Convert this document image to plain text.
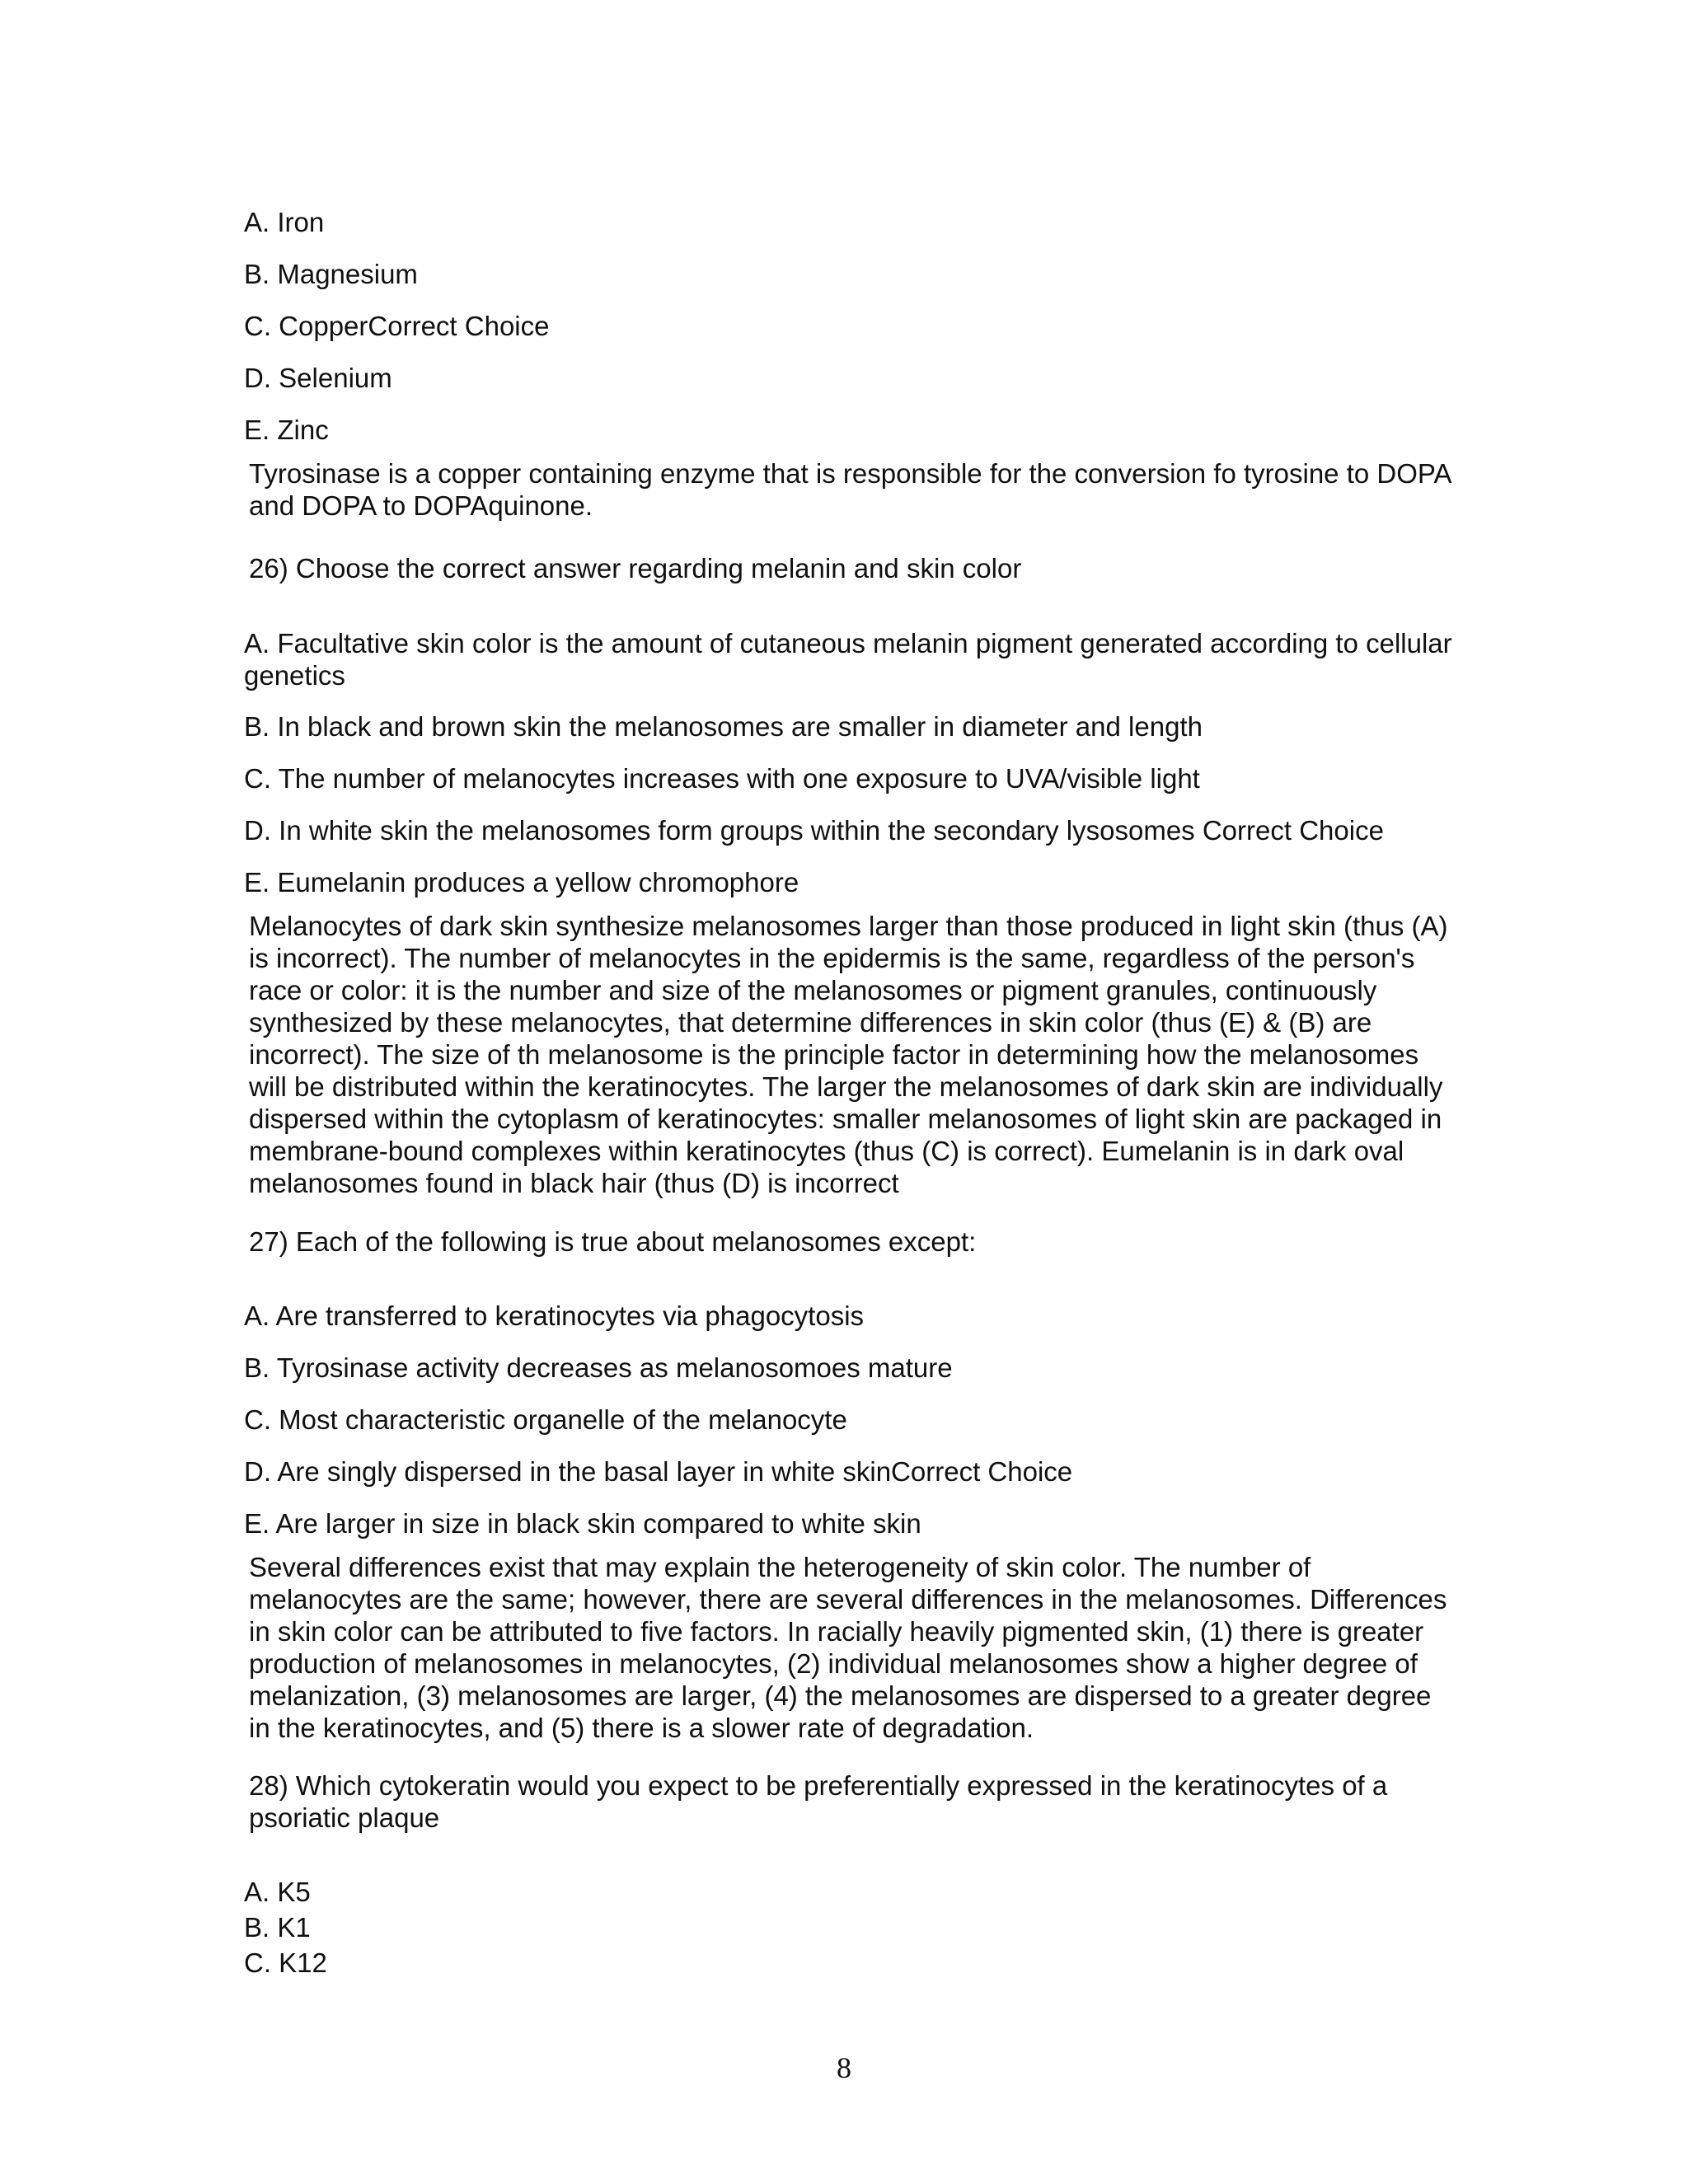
A. Iron

B. Magnesium

C. CopperCorrect Choice

D. Selenium

E. Zinc

Tyrosinase is a copper containing enzyme that is responsible for the conversion fo tyrosine to DOPA and DOPA to DOPAquinone.

26) Choose the correct answer regarding melanin and skin color

A. Facultative skin color is the amount of cutaneous melanin pigment generated according to cellular genetics

B. In black and brown skin the melanosomes are smaller in diameter and length

C. The number of melanocytes increases with one exposure to UVA/visible light

D. In white skin the melanosomes form groups within the secondary lysosomes Correct Choice

E. Eumelanin produces a yellow chromophore

Melanocytes of dark skin synthesize melanosomes larger than those produced in light skin (thus (A) is incorrect). The number of melanocytes in the epidermis is the same, regardless of the person's race or color: it is the number and size of the melanosomes or pigment granules, continuously synthesized by these melanocytes, that determine differences in skin color (thus (E) & (B) are incorrect). The size of th melanosome is the principle factor in determining how the melanosomes will be distributed within the keratinocytes. The larger the melanosomes of dark skin are individually dispersed within the cytoplasm of keratinocytes: smaller melanosomes of light skin are packaged in membrane-bound complexes within keratinocytes (thus (C) is correct). Eumelanin is in dark oval melanosomes found in black hair (thus (D) is incorrect

27) Each of the following is true about melanosomes except:

A. Are transferred to keratinocytes via phagocytosis

B. Tyrosinase activity decreases as melanosomoes mature

C. Most characteristic organelle of the melanocyte

D. Are singly dispersed in the basal layer in white skinCorrect Choice

E. Are larger in size in black skin compared to white skin

Several differences exist that may explain the heterogeneity of skin color. The number of melanocytes are the same; however, there are several differences in the melanosomes. Differences in skin color can be attributed to five factors. In racially heavily pigmented skin, (1) there is greater production of melanosomes in melanocytes, (2) individual melanosomes show a higher degree of melanization, (3) melanosomes are larger, (4) the melanosomes are dispersed to a greater degree in the keratinocytes, and (5) there is a slower rate of degradation.

28) Which cytokeratin would you expect to be preferentially expressed in the keratinocytes of a psoriatic plaque

A. K5

B. K1

C. K12

8
